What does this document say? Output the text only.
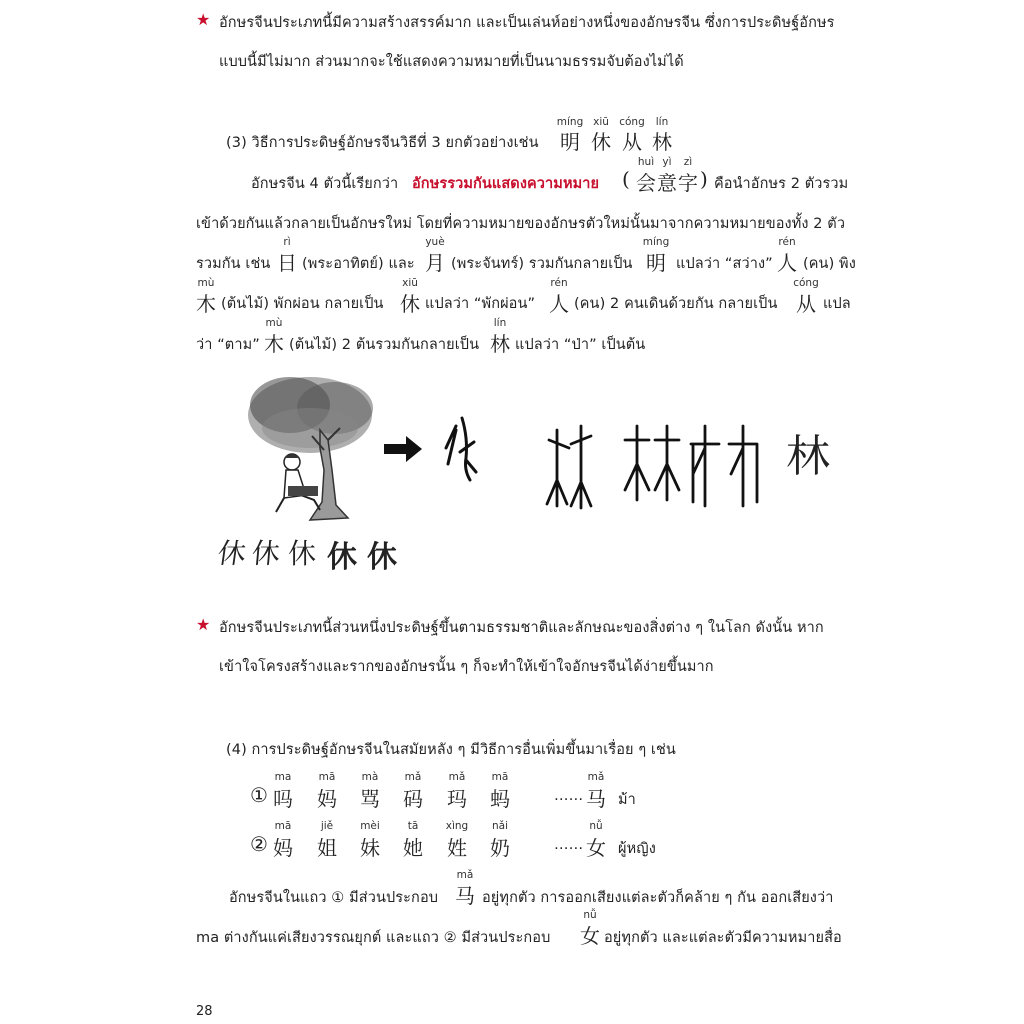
★ อักษรจีนประเภทนี้มีความสร้างสรรค์มาก และเป็นเล่นห์อย่างหนึ่งของอักษรจีน ซึ่งการประดิษฐ์อักษร
แบบนี้มีไม่มาก ส่วนมากจะใช้แสดงความหมายที่เป็นนามธรรมจับต้องไม่ได้
(3) วิธีการประดิษฐ์อักษรจีนวิธีที่ 3 ยกตัวอย่างเช่น
míng
明
xiū
休
cóng
从
lín
林
อักษรจีน 4 ตัวนี้เรียกว่า อักษรรวมกันแสดงความหมาย (
huì
会
yì
意
zì
字 ) คือนำอักษร 2 ตัวรวม
เข้าด้วยกันแล้วกลายเป็นอักษรใหม่ โดยที่ความหมายของอักษรตัวใหม่นั้นมาจากความหมายของทั้ง 2 ตัว
รวมกัน เช่น
rì
日 (พระอาทิตย์) และ
yuè
月 (พระจันทร์) รวมกันกลายเป็น
míng
明 แปลว่า “สว่าง”
rén
人 (คน) พิง
mù
木 (ต้นไม้) พักผ่อน กลายเป็น
xiū
休 แปลว่า “พักผ่อน”
rén
人 (คน) 2 คนเดินด้วยกัน กลายเป็น
cóng
从 แปล
ว่า “ตาม”
mù
木 (ต้นไม้) 2 ต้นรวมกันกลายเป็น
lín
林 แปลว่า “ป่า” เป็นต้น
林
休 休 休 休 休
★ อักษรจีนประเภทนี้ส่วนหนึ่งประดิษฐ์ขึ้นตามธรรมชาติและลักษณะของสิ่งต่าง ๆ ในโลก ดังนั้น หาก
เข้าใจโครงสร้างและรากของอักษรนั้น ๆ ก็จะทำให้เข้าใจอักษรจีนได้ง่ายขึ้นมาก
(4) การประดิษฐ์อักษรจีนในสมัยหลัง ๆ มีวิธีการอื่นเพิ่มขึ้นมาเรื่อย ๆ เช่น
①
ma
吗
mā
妈
mà
骂
mǎ
码
mǎ
玛
mā
蚂	……
mǎ
马 ม้า
②
mā
妈
jiě
姐
mèi
妹
tā
她
xìng
姓
nǎi
奶	……
nǚ
女 ผู้หญิง
อักษรจีนในแถว ① มีส่วนประกอบ
mǎ
马 อยู่ทุกตัว การออกเสียงแต่ละตัวก็คล้าย ๆ กัน ออกเสียงว่า
ma ต่างกันแค่เสียงวรรณยุกต์ และแถว ② มีส่วนประกอบ
nǚ
女 อยู่ทุกตัว และแต่ละตัวมีความหมายสื่อ
28
